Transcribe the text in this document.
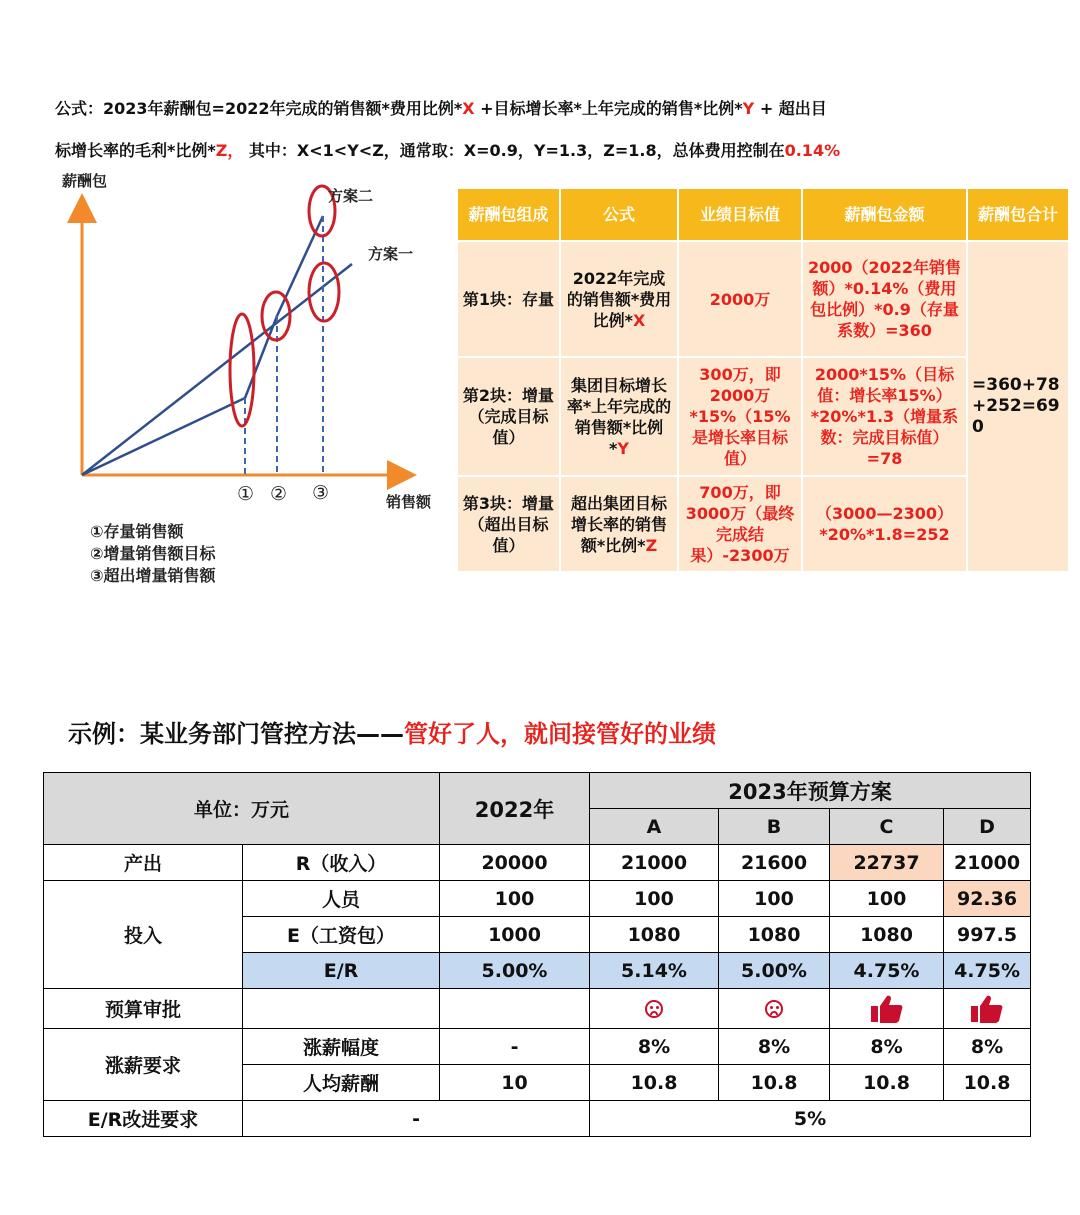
公式：2023年薪酬包=2022年完成的销售额*费用比例*X +目标增长率*上年完成的销售*比例*Y + 超出目
标增长率的毛利*比例*Z， 其中：X<1<Y<Z，通常取：X=0.9，Y=1.3，Z=1.8，总体费用控制在0.14%
薪酬包
销售额
方案二
方案一
① ② ③
①存量销售额
②增量销售额目标
③超出增量销售额
薪酬包组成	公式	业绩目标值	薪酬包金额	薪酬包合计
第1块：存量	2022年完成的销售额*费用比例*X	2000万	2000（2022年销售额）*0.14%（费用包比例）*0.9（存量系数）=360	=360+78+252=690
第2块：增量（完成目标值）	集团目标增长率*上年完成的销售额*比例*Y	300万，即2000万*15%（15%是增长率目标值）	2000*15%（目标值：增长率15%）*20%*1.3（增量系数：完成目标值）=78	
第3块：增量（超出目标值）	超出集团目标增长率的销售额*比例*Z	700万，即3000万（最终完成结果）-2300万	（3000—2300）*20%*1.8=252	
示例：某业务部门管控方法——管好了人，就间接管好的业绩
单位：万元		2022年	2023年预算方案			
			A	B	C	D
产出	R（收入）	20000	21000	21600	22737	21000
投入	人员	100	100	100	100	92.36
	E（工资包）	1000	1080	1080	1080	997.5
	E/R	5.00%	5.14%	5.00%	4.75%	4.75%
预算审批						
涨薪要求	涨薪幅度	-	8%	8%	8%	8%
	人均薪酬	10	10.8	10.8	10.8	10.8
E/R改进要求	-		5%			
